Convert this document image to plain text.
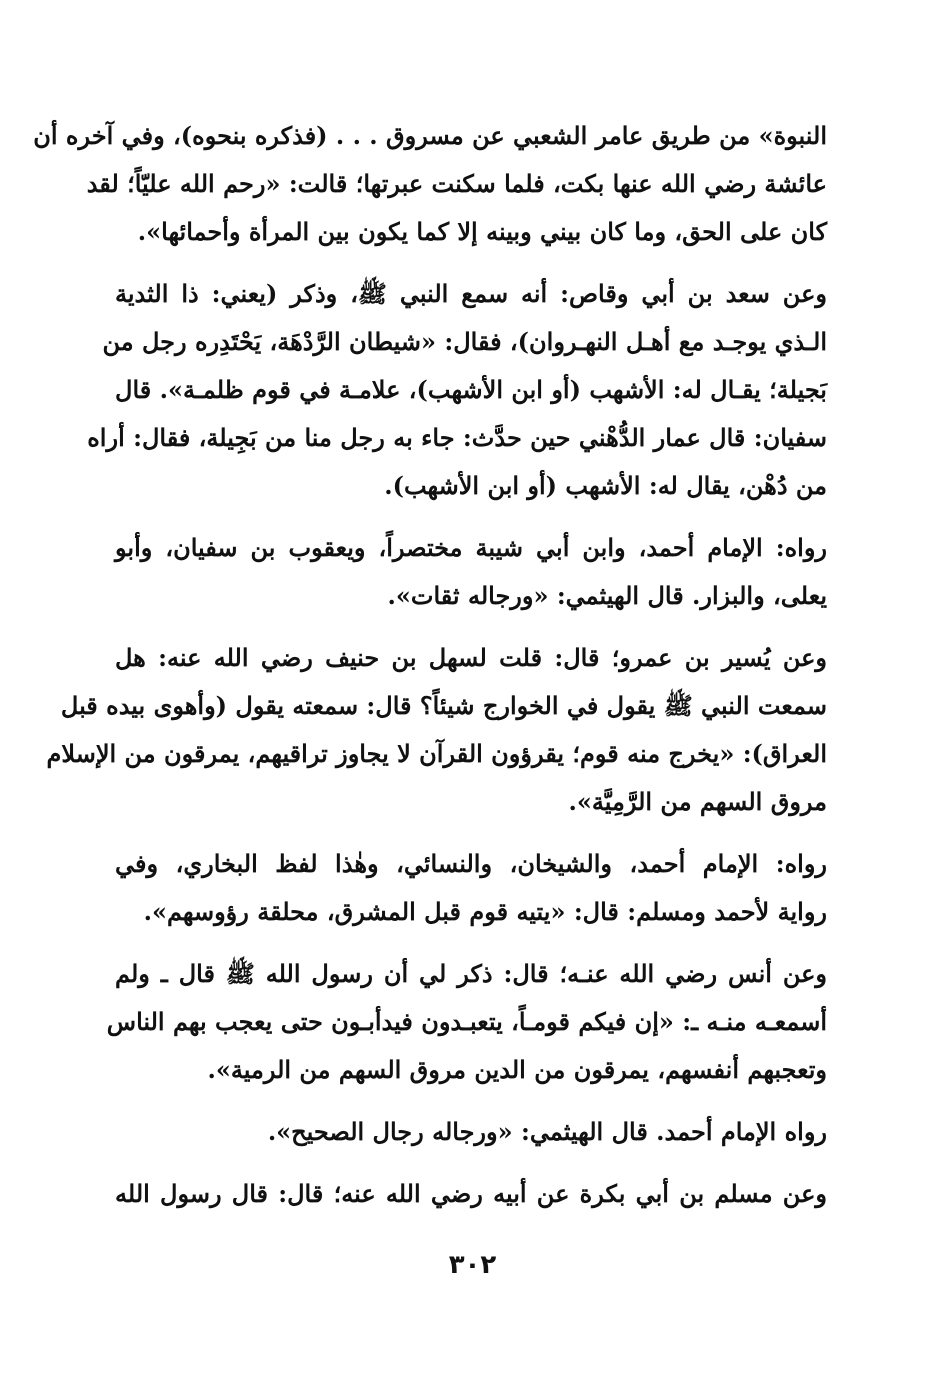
النبوة» من طريق عامر الشعبي عن مسروق . . . (فذكره بنحوه)، وفي آخره أن
عائشة رضي الله عنها بكت، فلما سكنت عبرتها؛ قالت: «رحم الله عليّاً؛ لقد
كان على الحق، وما كان بيني وبينه إلا كما يكون بين المرأة وأحمائها».

وعن سعد بن أبي وقاص: أنه سمع النبي ﷺ، وذكر (يعني: ذا الثدية
الـذي يوجـد مع أهـل النهـروان)، فقال: «شيطان الرَّدْهَة، يَحْتَدِره رجل من
بَجيلة؛ يقـال له: الأشهب (أو ابن الأشهب)، علامـة في قوم ظلمـة». قال
سفيان: قال عمار الدُّهْني حين حدَّث: جاء به رجل منا من بَجِيلة، فقال: أراه
من دُهْن، يقال له: الأشهب (أو ابن الأشهب).

رواه: الإمام أحمد، وابن أبي شيبة مختصراً، ويعقوب بن سفيان، وأبو
يعلى، والبزار. قال الهيثمي: «ورجاله ثقات».

وعن يُسير بن عمرو؛ قال: قلت لسهل بن حنيف رضي الله عنه: هل
سمعت النبي ﷺ يقول في الخوارج شيئاً؟ قال: سمعته يقول (وأهوى بيده قبل
العراق): «يخرج منه قوم؛ يقرؤون القرآن لا يجاوز تراقيهم، يمرقون من الإسلام
مروق السهم من الرَّمِيَّة».

رواه: الإمام أحمد، والشيخان، والنسائي، وهٰذا لفظ البخاري، وفي
رواية لأحمد ومسلم: قال: «يتيه قوم قبل المشرق، محلقة رؤوسهم».

وعن أنس رضي الله عنـه؛ قال: ذكر لي أن رسول الله ﷺ قال ـ ولم
أسمعـه منـه ـ: «إن فيكم قومـاً، يتعبـدون فيدأبـون حتى يعجب بهم الناس
وتعجبهم أنفسهم، يمرقون من الدين مروق السهم من الرمية».

رواه الإمام أحمد. قال الهيثمي: «ورجاله رجال الصحيح».

وعن مسلم بن أبي بكرة عن أبيه رضي الله عنه؛ قال: قال رسول الله

٣٠٢
